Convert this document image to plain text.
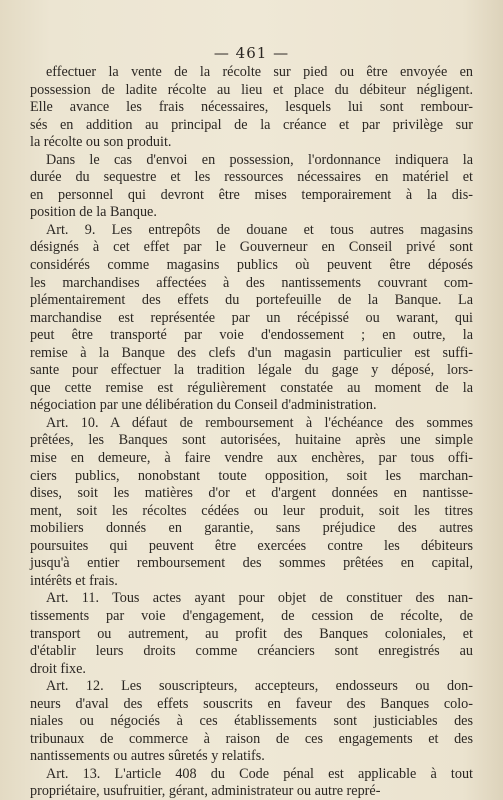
— 461 —
effectuer la vente de la récolte sur pied ou être envoyée en
possession de ladite récolte au lieu et place du débiteur négligent.
Elle avance les frais nécessaires, lesquels lui sont rembour-
sés en addition au principal de la créance et par privilège sur
la récolte ou son produit.
Dans le cas d'envoi en possession, l'ordonnance indiquera la
durée du sequestre et les ressources nécessaires en matériel et
en personnel qui devront être mises temporairement à la dis-
position de la Banque.
Art. 9. Les entrepôts de douane et tous autres magasins
désignés à cet effet par le Gouverneur en Conseil privé sont
considérés comme magasins publics où peuvent être déposés
les marchandises affectées à des nantissements couvrant com-
plémentairement des effets du portefeuille de la Banque. La
marchandise est représentée par un récépissé ou warant, qui
peut être transporté par voie d'endossement ; en outre, la
remise à la Banque des clefs d'un magasin particulier est suffi-
sante pour effectuer la tradition légale du gage y déposé, lors-
que cette remise est régulièrement constatée au moment de la
négociation par une délibération du Conseil d'administration.
Art. 10. A défaut de remboursement à l'échéance des sommes
prêtées, les Banques sont autorisées, huitaine après une simple
mise en demeure, à faire vendre aux enchères, par tous offi-
ciers publics, nonobstant toute opposition, soit les marchan-
dises, soit les matières d'or et d'argent données en nantisse-
ment, soit les récoltes cédées ou leur produit, soit les titres
mobiliers donnés en garantie, sans préjudice des autres
poursuites qui peuvent être exercées contre les débiteurs
jusqu'à entier remboursement des sommes prêtées en capital,
intérêts et frais.
Art. 11. Tous actes ayant pour objet de constituer des nan-
tissements par voie d'engagement, de cession de récolte, de
transport ou autrement, au profit des Banques coloniales, et
d'établir leurs droits comme créanciers sont enregistrés au
droit fixe.
Art. 12. Les souscripteurs, accepteurs, endosseurs ou don-
neurs d'aval des effets souscrits en faveur des Banques colo-
niales ou négociés à ces établissements sont justiciables des
tribunaux de commerce à raison de ces engagements et des
nantissements ou autres sûretés y relatifs.
Art. 13. L'article 408 du Code pénal est applicable à tout
propriétaire, usufruitier, gérant, administrateur ou autre repré-
